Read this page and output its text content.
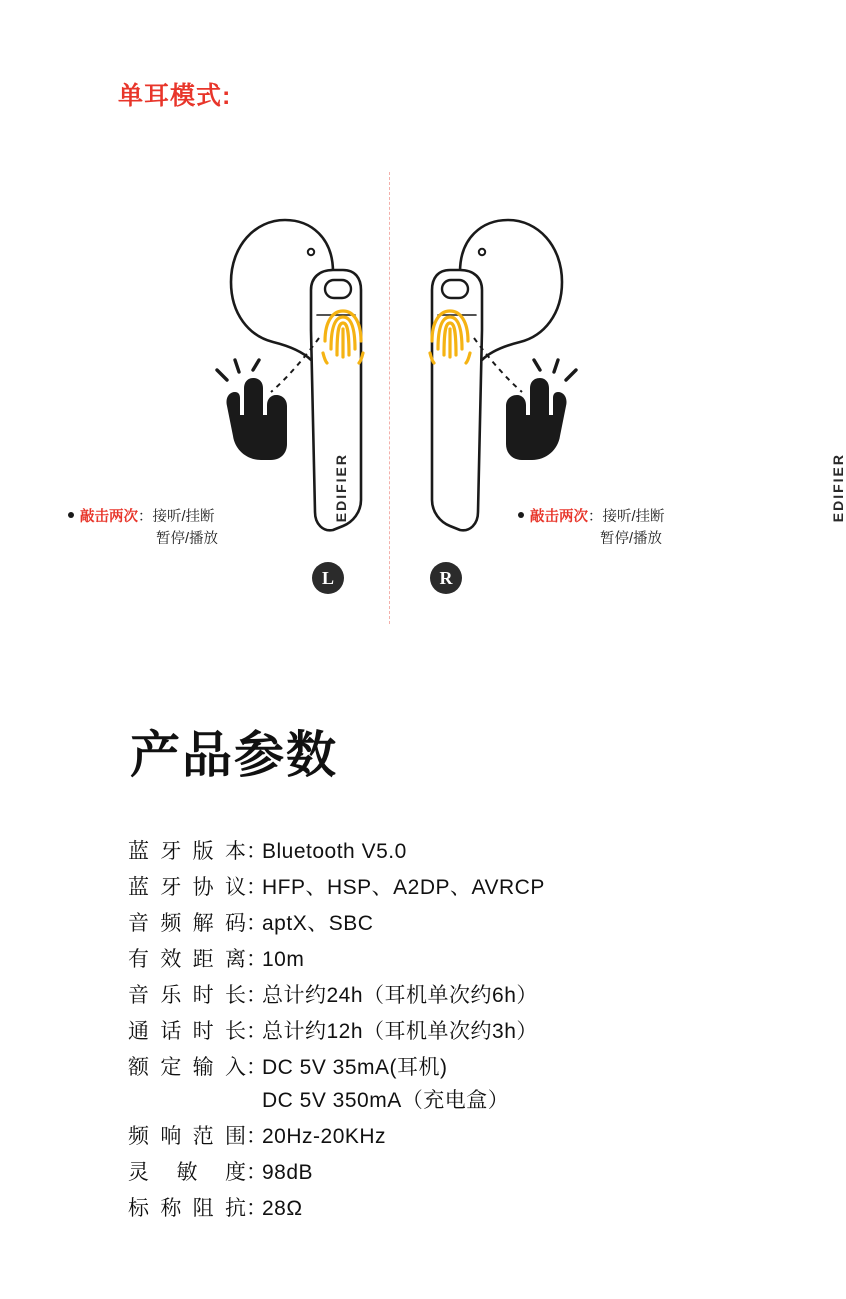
单耳模式:
EDIFIER	EDIFIER
L	R
敲击两次：接听/挂断
暂停/播放
敲击两次：接听/挂断
暂停/播放
产品参数
蓝牙版本 ：
Bluetooth V5.0
蓝牙协议 ：
HFP、HSP、A2DP、AVRCP
音频解码 ：
aptX、SBC
有效距离 ：
10m
音乐时长 ：
总计约24h（耳机单次约6h）
通话时长 ：
总计约12h（耳机单次约3h）
额定输入 ：
DC 5V 35mA(耳机)
DC 5V 350mA（充电盒）
频响范围 ：
20Hz-20KHz
灵敏度 ：
98dB
标称阻抗 ：
28Ω
